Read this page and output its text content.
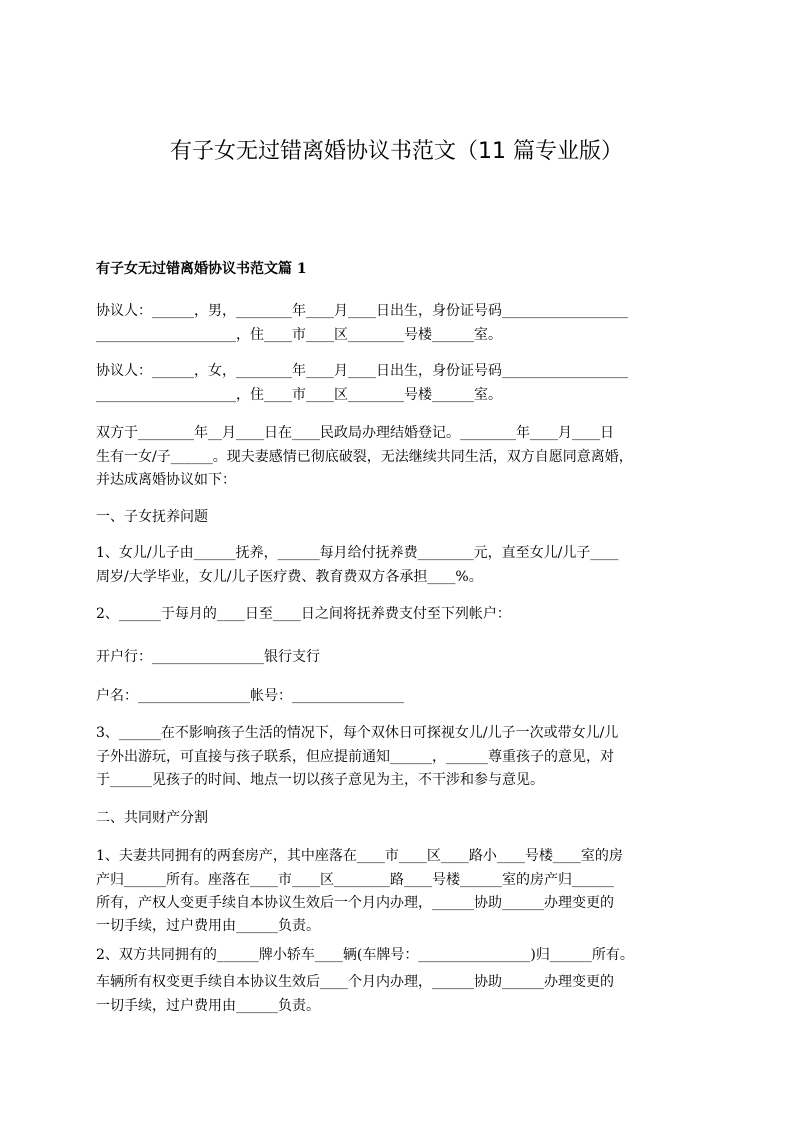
有子女无过错离婚协议书范文（11 篇专业版）
有子女无过错离婚协议书范文篇 1
协议人：______，男，________年____月____日出生，身份证号码__________________
____________________，住____市____区________号楼______室。
协议人：______，女，________年____月____日出生，身份证号码__________________
____________________，住____市____区________号楼______室。
双方于________年__月____日在____民政局办理结婚登记。________年____月____日
生有一女/子______。现夫妻感情已彻底破裂，无法继续共同生活，双方自愿同意离婚，
并达成离婚协议如下：
一、子女抚养问题
1、女儿/儿子由______抚养，______每月给付抚养费________元，直至女儿/儿子____
周岁/大学毕业，女儿/儿子医疗费、教育费双方各承担____%。
2、______于每月的____日至____日之间将抚养费支付至下列帐户：
开户行：________________银行支行
户名：________________帐号：________________
3、______在不影响孩子生活的情况下，每个双休日可探视女儿/儿子一次或带女儿/儿
子外出游玩，可直接与孩子联系，但应提前通知______，______尊重孩子的意见，对
于______见孩子的时间、地点一切以孩子意见为主，不干涉和参与意见。
二、共同财产分割
1、夫妻共同拥有的两套房产，其中座落在____市____区____路小____号楼____室的房
产归______所有。座落在____市____区________路____号楼______室的房产归______
所有，产权人变更手续自本协议生效后一个月内办理，______协助______办理变更的
一切手续，过户费用由______负责。
2、双方共同拥有的______牌小轿车____辆(车牌号：________________)归______所有。
车辆所有权变更手续自本协议生效后____个月内办理，______协助______办理变更的
一切手续，过户费用由______负责。
